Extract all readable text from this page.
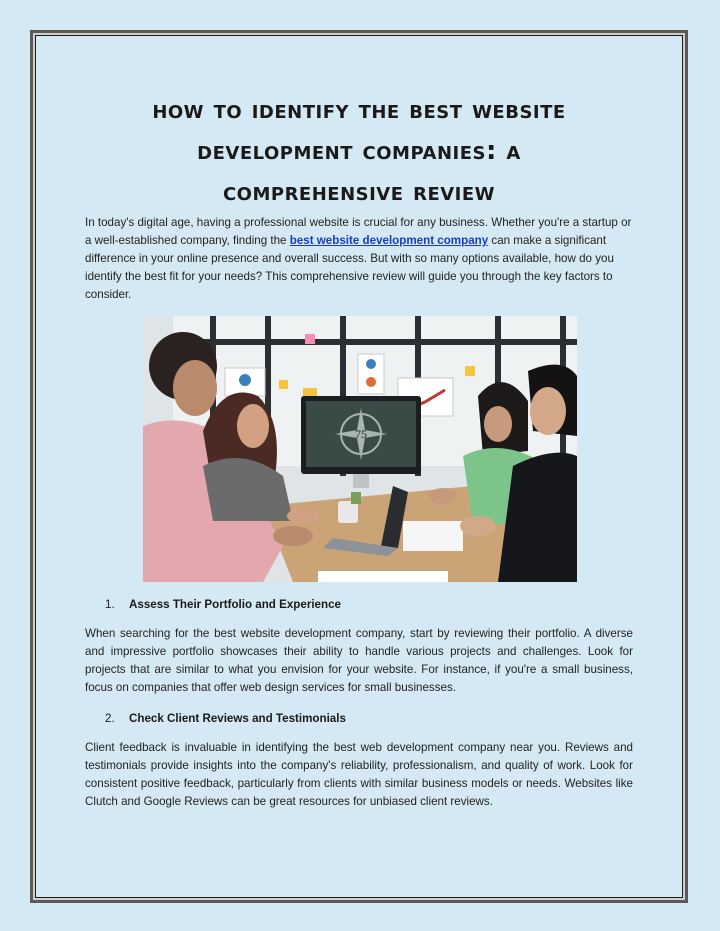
how to identify the best website
development companies: a
comprehensive review
In today's digital age, having a professional website is crucial for any business. Whether you're a startup or a well-established company, finding the best website development company can make a significant difference in your online presence and overall success. But with so many options available, how do you identify the best fit for your needs? This comprehensive review will guide you through the key factors to consider.
75
1. Assess Their Portfolio and Experience
When searching for the best website development company, start by reviewing their portfolio. A diverse and impressive portfolio showcases their ability to handle various projects and challenges. Look for projects that are similar to what you envision for your website. For instance, if you're a small business, focus on companies that offer web design services for small businesses.
2. Check Client Reviews and Testimonials
Client feedback is invaluable in identifying the best web development company near you. Reviews and testimonials provide insights into the company's reliability, professionalism, and quality of work. Look for consistent positive feedback, particularly from clients with similar business models or needs. Websites like Clutch and Google Reviews can be great resources for unbiased client reviews.
